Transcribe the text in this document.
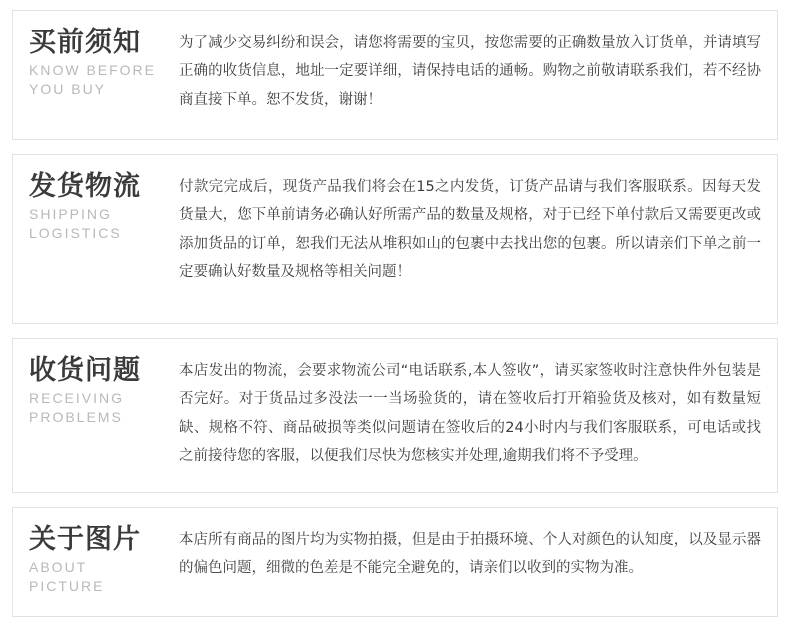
买前须知
KNOW BEFORE
YOU BUY
为了减少交易纠纷和误会，请您将需要的宝贝，按您需要的正确数量放入订货单，并请填写正确的收货信息，地址一定要详细，请保持电话的通畅。购物之前敬请联系我们，若不经协商直接下单。恕不发货，谢谢！
发货物流
SHIPPING
LOGISTICS
付款完完成后，现货产品我们将会在15之内发货，订货产品请与我们客服联系。因每天发货量大，您下单前请务必确认好所需产品的数量及规格，对于已经下单付款后又需要更改或添加货品的订单，恕我们无法从堆积如山的包裹中去找出您的包裹。所以请亲们下单之前一定要确认好数量及规格等相关问题！
收货问题
RECEIVING
PROBLEMS
本店发出的物流，会要求物流公司“电话联系,本人签收”，请买家签收时注意快件外包装是否完好。对于货品过多没法一一当场验货的，请在签收后打开箱验货及核对，如有数量短缺、规格不符、商品破损等类似问题请在签收后的24小时内与我们客服联系，可电话或找之前接待您的客服，以便我们尽快为您核实并处理,逾期我们将不予受理。
关于图片
ABOUT
PICTURE
本店所有商品的图片均为实物拍摄，但是由于拍摄环境、个人对颜色的认知度，以及显示器的偏色问题，细微的色差是不能完全避免的，请亲们以收到的实物为准。
